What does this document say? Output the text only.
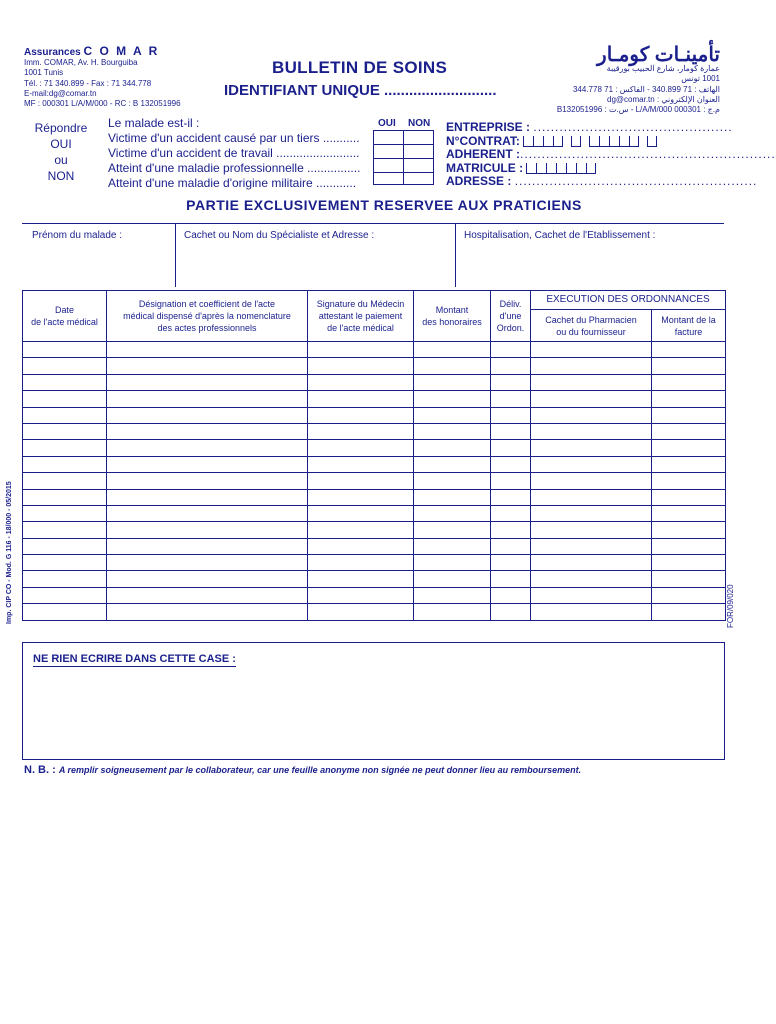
Assurances C O M A R
Imm. COMAR, Av. H. Bourguiba
1001 Tunis
Tél. : 71 340.899 - Fax : 71 344.778
E-mail:dg@comar.tn
MF : 000301 L/A/M/000 - RC : B 132051996
BULLETIN DE SOINS
IDENTIFIANT UNIQUE ...........................
تأمينـات كومـار
عمارة كومار، شارع الحبيب بورقيبة
1001 تونس
الهاتف : 71 340.899 - الفاكس : 71 344.778
العنوان الإلكتروني : dg@comar.tn
م.ج : 000301 L/A/M/000 - س.ت : B132051996
Répondre
OUI
ou
NON
Le malade est-il :
Victime d'un accident causé par un tiers ...........
Victime d'un accident de travail .........................
Atteint d'une maladie professionnelle ................
Atteint d'une maladie d'origine militaire ............
OUI NON ENTREPRISE : ..............................................
N°CONTRAT:
ADHERENT :...........................................................
MATRICULE :
ADRESSE : ........................................................
PARTIE EXCLUSIVEMENT RESERVEE AUX PRATICIENS
Prénom du malade :	Cachet ou Nom du Spécialiste et Adresse :	Hospitalisation, Cachet de l'Etablissement :
Date
de l'acte médical	Désignation et coefficient de l'acte
médical dispensé d'après la nomenclature
des actes professionnels	Signature du Médecin
attestant le paiement
de l'acte médical	Montant
des honoraires	Déliv.
d'une
Ordon.	EXECUTION DES ORDONNANCES	
					Cachet du Pharmacien
ou du fournisseur	Montant de la
facture

Imp. CIP CO - Mod. G 116 - 18/000 - 05/2015	FOR/09/020
NE RIEN ECRIRE DANS CETTE CASE :
N. B. : A remplir soigneusement par le collaborateur, car une feuille anonyme non signée ne peut donner lieu au remboursement.
